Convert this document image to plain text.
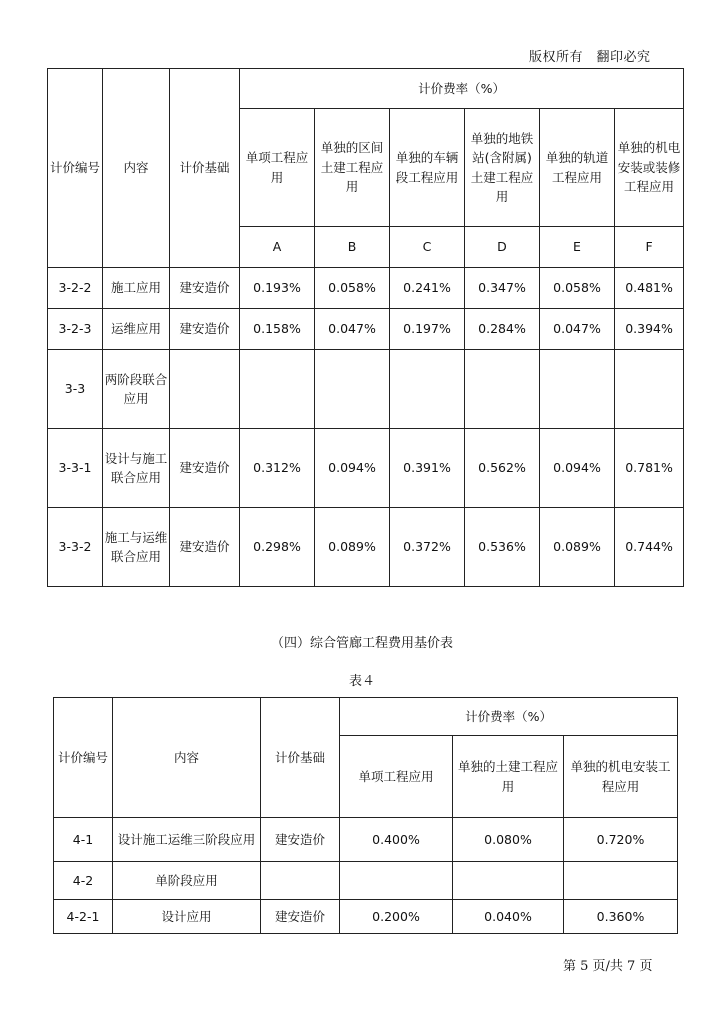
版权所有　翻印必究
计价编号	内容	计价基础	计价费率（%）					
			单项工程应用	单独的区间土建工程应用	单独的车辆段工程应用	单独的地铁站(含附属)土建工程应用	单独的轨道工程应用	单独的机电安装或装修工程应用
			A	B	C	D	E	F
3-2-2	施工应用	建安造价	0.193%	0.058%	0.241%	0.347%	0.058%	0.481%
3-2-3	运维应用	建安造价	0.158%	0.047%	0.197%	0.284%	0.047%	0.394%
3-3	两阶段联合应用							
3-3-1	设计与施工联合应用	建安造价	0.312%	0.094%	0.391%	0.562%	0.094%	0.781%
3-3-2	施工与运维联合应用	建安造价	0.298%	0.089%	0.372%	0.536%	0.089%	0.744%
（四）综合管廊工程费用基价表
表４
计价编号	内容	计价基础	计价费率（%）		
			单项工程应用	单独的土建工程应用	单独的机电安装工程应用
4-1	设计施工运维三阶段应用	建安造价	0.400%	0.080%	0.720%
4-2	单阶段应用				
4-2-1	设计应用	建安造价	0.200%	0.040%	0.360%
第 5 页/共 7 页
